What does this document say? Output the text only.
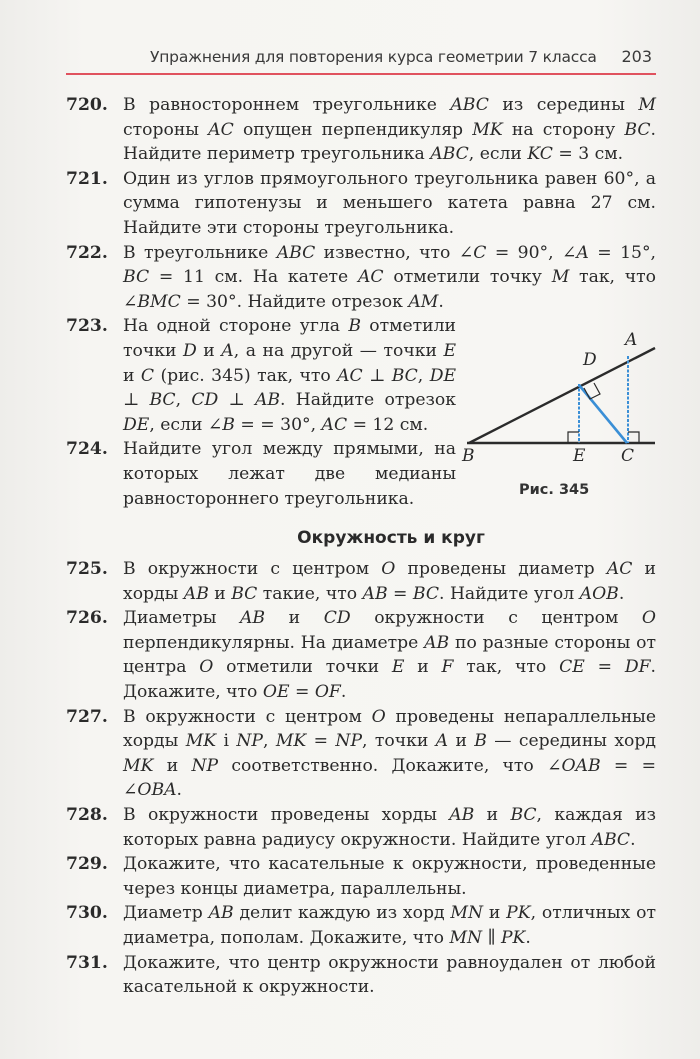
Упражнения для повторения курса геометрии 7 класса 203
720. В равностороннем треугольнике ABC из середины M стороны AC опущен перпендикуляр MK на сторону BC. Найдите периметр треугольника ABC, если KC = 3 см.
721. Один из углов прямоугольного треугольника равен 60°, а сумма гипотенузы и меньшего катета равна 27 см. Найдите эти стороны треугольника.
722. В треугольнике ABC известно, что ∠C = 90°, ∠A = 15°, BC = 11 см. На катете AC отметили точку M так, что ∠BMC = 30°. Найдите отрезок AM.
723. На одной стороне угла B отметили точки D и A, а на другой — точки E и C (рис. 345) так, что AC ⊥ BC, DE ⊥ BC, CD ⊥ AB. Найдите отрезок DE, если ∠B = = 30°, AC = 12 см.
724. Найдите угол между прямыми, на которых лежат две медианы равностороннего треугольника.
Окружность и круг
725. В окружности с центром O проведены диаметр AC и хорды AB и BC такие, что AB = BC. Найдите угол AOB.
726. Диаметры AB и CD окружности с центром O перпендикулярны. На диаметре AB по разные стороны от центра O отметили точки E и F так, что CE = DF. Докажите, что OE = OF.
727. В окружности с центром O проведены непараллельные хорды MK і NP, MK = NP, точки A и B — середины хорд MK и NP соответственно. Докажите, что ∠OAB = = ∠OBA.
728. В окружности проведены хорды AB и BC, каждая из которых равна радиусу окружности. Найдите угол ABC.
729. Докажите, что касательные к окружности, проведенные через концы диаметра, параллельны.
730. Диаметр AB делит каждую из хорд MN и PK, отличных от диаметра, пополам. Докажите, что MN ∥ PK.
731. Докажите, что центр окружности равноудален от любой касательной к окружности.
A
D
B	E C
Рис. 345
